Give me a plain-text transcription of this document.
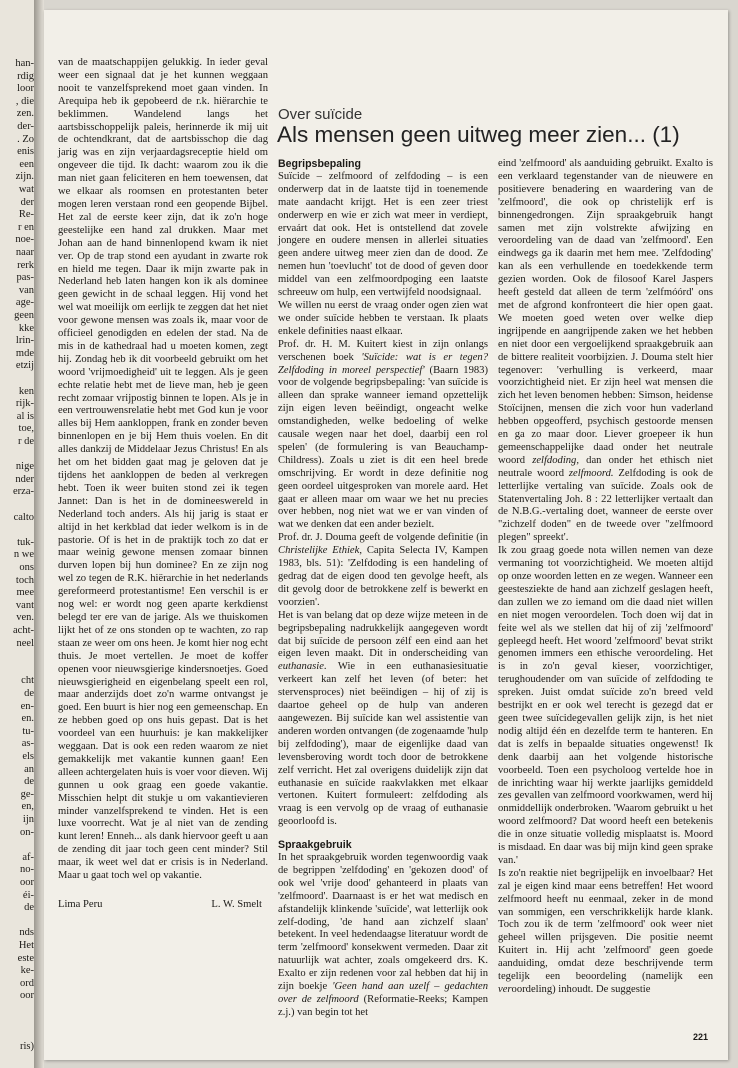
han-
rdig
loor
, die
zen.
der-
. Zo
enis
een
zijn.
wat
der
Re-
r en
noe-
naar
rerk
pas-
van
age-
geen
kke
lrin-
mde
etzij
ken
rijk-
al is
toe,
r de
nige
nder
erza-
calto
tuk-
n we
ons
toch
mee
vant
ven.
acht-
neel
cht
de
en-
en.
tu-
as-
els
an
de
ge-
en,
ijn
on-
af-
no-
oor
éi-
de
nds
Het
este
ke-
ord
oor
ris)

van de maatschappijen gelukkig. In ieder geval weer een signaal dat je het kunnen weggaan nooit te vanzelfsprekend moet gaan vinden. In Arequipa heb ik gepobeerd de r.k. hiërarchie te beklimmen. Wandelend langs het aartsbisschoppelijk paleis, herinnerde ik mij uit de ochtendkrant, dat de aartsbisschop die dag jarig was en zijn verjaardagsreceptie hield om ongeveer die tijd. Ik dacht: waarom zou ik die man niet gaan feliciteren en hem toewensen, dat we elkaar als roomsen en protestanten beter mogen leren verstaan rond een geopende Bijbel. Het zal de eerste keer zijn, dat ik zo'n hoge geestelijke een hand zal drukken. Maar met Johan aan de hand binnenlopend kwam ik niet ver. Op de trap stond een ayudant in zwarte rok en hield me tegen. Daar ik mijn zwarte pak in Nederland heb laten hangen kon ik als dominee geen gewicht in de schaal leggen. Hij vond het wel wat moeilijk om eerlijk te zeggen dat het niet voor gewone mensen was zoals ik, maar voor de officieel genodigden en edelen der stad. Na de mis in de kathedraal had u moeten komen, zegt hij. Zondag heb ik dit voorbeeld gebruikt om het woord 'vrijmoedigheid' uit te leggen. Als je geen echte relatie hebt met de lieve man, heb je geen recht zomaar vrijpostig binnen te lopen. Als je in een vertrouwensrelatie hebt met God kun je voor alles bij Hem aankloppen, frank en zonder beven binnenlopen en je bij Hem thuis voelen. En dit alles dankzij de Middelaar Jezus Christus! En als het om het bidden gaat mag je geloven dat je tijdens het aankloppen de beden al verkregen hebt. Toen ik weer buiten stond zei ik tegen Jannet: Dan is het in de domineeswereld in Nederland toch anders. Als hij jarig is staat er altijd in het kerkblad dat ieder welkom is in de pastorie. Of is het in de praktijk toch zo dat er maar weinig gewone mensen zomaar binnen durven lopen bij hun dominee? En ze zijn nog wel zo tegen de R.K. hiërarchie in het nederlands gereformeerd protestantisme! Een verschil is er nog wel: er wordt nog geen aparte kerkdienst belegd ter ere van de jarige. Als we thuiskomen lijkt het of ze ons stonden op te wachten, zo rap staan ze weer om ons heen. Je komt hier nog echt thuis. Je moet vertellen. Je moet de koffer openen voor nieuwsgierige kindersnoetjes. Goed nieuwsgierigheid en eigenbelang speelt een rol, maar anderzijds doet zo'n warme ontvangst je goed. Een buurt is hier nog een gemeenschap. En ze hebben goed op ons huis gepast. Dat is het voordeel van een huurhuis: je kan makkelijker weggaan. Dat is ook een reden waarom ze niet gemakkelijk met vakantie kunnen gaan! Een alleen achtergelaten huis is voer voor dieven. Wij gunnen u ook graag een goede vakantie. Misschien helpt dit stukje u om vakantievieren minder vanzelfsprekend te vinden. Het is een luxe voorrecht. Wat je al niet van de zending kunt leren! Enneh... als dank hiervoor geeft u aan de zending dit jaar toch geen cent minder? Stil maar, ik weet wel dat er crisis is in Nederland. Maar u gaat toch wel op vakantie.

Lima Peru	L. W. Smelt
Over suïcide
Als mensen geen uitweg meer zien... (1)
Begripsbepaling

Suïcide – zelfmoord of zelfdoding – is een onderwerp dat in de laatste tijd in toenemende mate aandacht krijgt. Het is een zeer triest onderwerp en wie er zich wat meer in verdiept, ervaárt dat ook. Het is ontstellend dat zovele jongere en oudere mensen in allerlei situaties geen andere uitweg meer zien dan de dood. Ze nemen hun 'toevlucht' tot de dood of geven door middel van een zelfmoordpoging een laatste schreeuw om hulp, een vertwijfeld noodsignaal.

We willen nu eerst de vraag onder ogen zien wat we onder suïcide hebben te verstaan. Ik plaats enkele definities naast elkaar.

Prof. dr. H. M. Kuitert kiest in zijn onlangs verschenen boek 'Suïcide: wat is er tegen? Zelfdoding in moreel perspectief' (Baarn 1983) voor de volgende begripsbepaling: 'van suïcide is alleen dan sprake wanneer iemand opzettelijk zijn eigen leven beëindigt, ongeacht welke omstandigheden, welke bedoeling of welke causale wegen naar het doel, daarbij een rol spelen' (de formulering is van Beauchamp- Childress). Zoals u ziet is dit een heel brede omschrijving. Er wordt in deze definitie nog geen oordeel uitgesproken van morele aard. Het gaat er alleen maar om waar we het nu precies over hebben, nog niet wat we er van vinden of wat we denken dat een ander bezielt.

Prof. dr. J. Douma geeft de volgende definitie (in Christelijke Ethiek, Capita Selecta IV, Kampen 1983, bls. 51): 'Zelfdoding is een handeling of gedrag dat de eigen dood ten gevolge heeft, als dit gevolg door de betrokkene zelf is bewerkt en voorzien'.

Het is van belang dat op deze wijze meteen in de begripsbepaling nadrukkelijk aangegeven wordt dat bij suïcide de persoon zélf een eind aan het eigen leven maakt. Dit in onderscheiding van euthanasie. Wie in een euthanasiesituatie verkeert kan zelf het leven (of beter: het stervensproces) niet beëindigen – hij of zij is daartoe geheel op de hulp van anderen aangewezen. Bij suïcide kan wel assistentie van anderen worden ontvangen (de zogenaamde 'hulp bij zelfdoding'), maar de eigenlijke daad van levensberoving wordt toch door de betrokkene zelf verricht. Het zal overigens duidelijk zijn dat euthanasie en suïcide raakvlakken met elkaar vertonen. Kuitert formuleert: zelfdoding als vraag is een vervolg op de vraag of euthanasie geoorloofd is.

Spraakgebruik

In het spraakgebruik worden tegenwoordig vaak de begrippen 'zelfdoding' en 'gekozen dood' of ook wel 'vrije dood' gehanteerd in plaats van 'zelfmoord'. Daarnaast is er het wat medisch en afstandelijk klinkende 'suïcide', wat letterlijk ook zelf-doding, 'de hand aan zichzelf slaan' betekent. In veel hedendaagse literatuur wordt de term 'zelfmoord' konsekwent vermeden. Daar zit natuurlijk wat achter, zoals omgekeerd drs. K. Exalto er zijn redenen voor zal hebben dat hij in zijn boekje 'Geen hand aan uzelf – gedachten over de zelfmoord (Reformatie-Reeks; Kampen z.j.) van begin tot het

eind 'zelfmoord' als aanduiding gebruikt. Exalto is een verklaard tegenstander van de nieuwere en positievere benadering en waardering van de 'zelfmoord', die ook op christelijk erf is binnengedrongen. Zijn spraakgebruik hangt samen met zijn volstrekte afwijzing en veroordeling van de daad van 'zelfmoord'. Een eindwegs ga ik daarin met hem mee. 'Zelfdoding' kan als een verhullende en toedekkende term gezien worden. Ook de filosoof Karel Jaspers heeft gesteld dat alleen de term 'zelfmóórd' ons met de afgrond konfronteert die hier open gaat. We moeten goed weten over welke diep ingrijpende en aangrijpende zaken we het hebben en niet door een vergoelijkend spraakgebruik aan de bittere realiteit voorbijzien. J. Douma stelt hier tegenover: 'verhulling is verkeerd, maar voorzichtigheid niet. Er zijn heel wat mensen die zich het leven benomen hebben: Simson, heidense Stoïcijnen, mensen die zich voor hun vaderland hebben opgeofferd, psychisch gestoorde mensen en ga zo maar door. Liever groepeer ik hun gemeenschappelijke daad onder het neutrale woord zelfdoding, dan onder het ethisch niet neutrale woord zelfmoord. Zelfdoding is ook de letterlijke vertaling van suïcide. Zoals ook de Statenvertaling Joh. 8 : 22 letterlijker vertaalt dan de N.B.G.-vertaling doet, wanneer de eerste over "zichzelf doden" en de tweede over "zelfmoord plegen" spreekt'.

Ik zou graag goede nota willen nemen van deze vermaning tot voorzichtigheid. We moeten altijd op onze woorden letten en ze wegen. Wanneer een geestesziekte de hand aan zichzelf geslagen heeft, dan zullen we zo iemand om die daad niet willen en niet mogen veroordelen. Toch doen wij dat in feite wel als we stellen dat hij of zij 'zelfmoord' gepleegd heeft. Het woord 'zelfmoord' bevat strikt genomen immers een ethische veroordeling. Het is in zo'n geval kieser, voorzichtiger, terughoudender om van suïcide of zelfdoding te spreken. Juist omdat suïcide zo'n breed veld bestrijkt en er ook wel terecht is gezegd dat er geen twee suïcidegevallen gelijk zijn, is het niet nodig altijd één en dezelfde term te hanteren. En dat is zelfs in bepaalde situaties ongewenst! Ik denk daarbij aan het volgende historische voorbeeld. Toen een psycholoog vertelde hoe in de inrichting waar hij werkte jaarlijks gemiddeld zes gevallen van zelfmoord voorkwamen, werd hij onmiddellijk onderbroken. 'Waarom gebruikt u het woord zelfmoord? Dat woord heeft een betekenis die in onze situatie volledig misplaatst is. Moord is misdaad. En daar was bij mijn kind geen sprake van.'

Is zo'n reaktie niet begrijpelijk en invoelbaar? Het zal je eigen kind maar eens betreffen! Het woord zelfmoord heeft nu eenmaal, zeker in de mond van sommigen, een verschrikkelijk harde klank. Toch zou ik de term 'zelfmoord' ook weer niet geheel willen prijsgeven. Die positie neemt Kuitert in. Hij acht 'zelfmoord' geen goede aanduiding, omdat deze beschrijvende term tegelijk een beoordeling (namelijk een veroordeling) inhoudt. De suggestie

221
